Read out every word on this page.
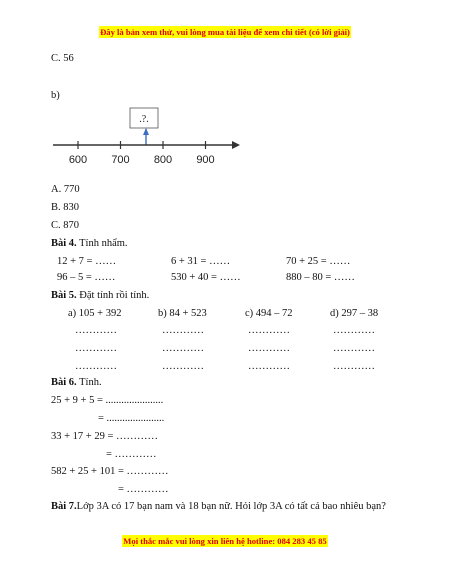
Đây là bản xem thử, vui lòng mua tài liệu để xem chi tiết (có lời giải)
C. 56
b)
.?.
600 700 800 900
A. 770
B. 830
C. 870
Bài 4. Tính nhẩm.
12 + 7 = ……	6 + 31 = ……	70 + 25 = ……
96 – 5 = ……	530 + 40 = ……	880 – 80 = ……
Bài 5. Đặt tính rồi tính.
a) 105 + 392	b) 84 + 523	c) 494 – 72	d) 297 – 38
…………	…………	…………	…………
…………	…………	…………	…………
…………	…………	…………	…………
Bài 6. Tính.
25 + 9 + 5 = ......................
= ......................
33 + 17 + 29 = …………
= …………
582 + 25 + 101 = …………
= …………
Bài 7.Lớp 3A có 17 bạn nam và 18 bạn nữ. Hỏi lớp 3A có tất cả bao nhiêu bạn?
Mọi thắc mắc vui lòng xin liên hệ hotline: 084 283 45 85
